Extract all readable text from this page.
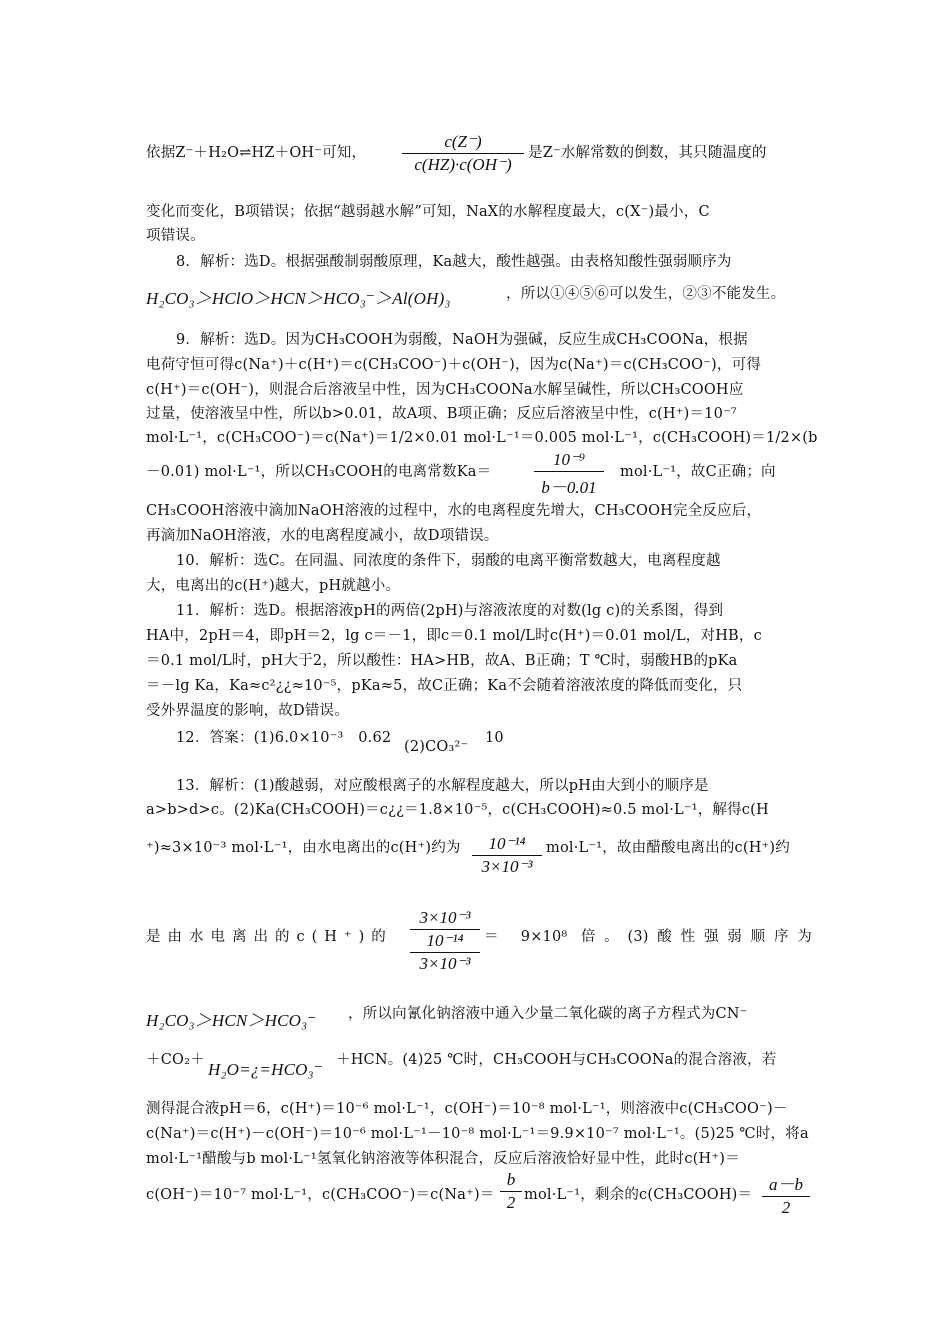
依据Z⁻＋H₂O⇌HZ＋OH⁻可知，
c(Z⁻)
c(HZ)·c(OH⁻)
是Z⁻水解常数的倒数，其只随温度的
变化而变化，B项错误；依据“越弱越水解”可知，NaX的水解程度最大，c(X⁻)最小，C
项错误。
8．解析：选D。根据强酸制弱酸原理，Ka越大，酸性越强。由表格知酸性强弱顺序为
H₂CO₃＞HClO＞HCN＞HCO₃⁻＞Al(OH)₃	，所以①④⑤⑥可以发生，②③不能发生。
9．解析：选D。因为CH₃COOH为弱酸，NaOH为强碱，反应生成CH₃COONa，根据
电荷守恒可得c(Na⁺)＋c(H⁺)＝c(CH₃COO⁻)＋c(OH⁻)，因为c(Na⁺)＝c(CH₃COO⁻)，可得
c(H⁺)＝c(OH⁻)，则混合后溶液呈中性，因为CH₃COONa水解呈碱性，所以CH₃COOH应
过量，使溶液呈中性，所以b>0.01，故A项、B项正确；反应后溶液呈中性，c(H⁺)＝10⁻⁷
mol·L⁻¹，c(CH₃COO⁻)＝c(Na⁺)＝1/2×0.01 mol·L⁻¹＝0.005 mol·L⁻¹，c(CH₃COOH)＝1/2×(b
－0.01) mol·L⁻¹，所以CH₃COOH的电离常数Ka＝
10⁻⁹
b－0.01
mol·L⁻¹，故C正确；向
CH₃COOH溶液中滴加NaOH溶液的过程中，水的电离程度先增大，CH₃COOH完全反应后，
再滴加NaOH溶液，水的电离程度减小，故D项错误。
10．解析：选C。在同温、同浓度的条件下，弱酸的电离平衡常数越大，电离程度越
大，电离出的c(H⁺)越大，pH就越小。
11．解析：选D。根据溶液pH的两倍(2pH)与溶液浓度的对数(lg c)的关系图，得到
HA中，2pH＝4，即pH＝2，lg c＝－1，即c＝0.1 mol/L时c(H⁺)＝0.01 mol/L，对HB，c
＝0.1 mol/L时，pH大于2，所以酸性：HA>HB，故A、B正确；T ℃时，弱酸HB的pKa
＝－lg Ka，Ka≈c²¿¿≈10⁻⁵，pKa≈5，故C正确；Ka不会随着溶液浓度的降低而变化，只
受外界温度的影响，故D错误。
12．答案：(1)6.0×10⁻³　0.62
(2)CO₃²⁻
10
13．解析：(1)酸越弱，对应酸根离子的水解程度越大，所以pH由大到小的顺序是
a>b>d>c。(2)Ka(CH₃COOH)＝c¿¿＝1.8×10⁻⁵，c(CH₃COOH)≈0.5 mol·L⁻¹，解得c(H
⁺)≈3×10⁻³ mol·L⁻¹，由水电离出的c(H⁺)约为	10⁻¹⁴
3×10⁻³
mol·L⁻¹，故由醋酸电离出的c(H⁺)约
是由水电离出的c(H⁺)的
3×10⁻³
10⁻¹⁴
3×10⁻³
＝ 9×10⁸ 倍。(3)酸性强弱顺序为
H₂CO₃＞HCN＞HCO₃⁻ ，所以向氰化钠溶液中通入少量二氧化碳的离子方程式为CN⁻
＋CO₂＋ H₂O=¿=HCO₃⁻ ＋HCN。(4)25 ℃时，CH₃COOH与CH₃COONa的混合溶液，若
测得混合液pH＝6，c(H⁺)＝10⁻⁶ mol·L⁻¹，c(OH⁻)＝10⁻⁸ mol·L⁻¹，则溶液中c(CH₃COO⁻)－
c(Na⁺)＝c(H⁺)－c(OH⁻)＝10⁻⁶ mol·L⁻¹－10⁻⁸ mol·L⁻¹＝9.9×10⁻⁷ mol·L⁻¹。(5)25 ℃时，将a
mol·L⁻¹醋酸与b mol·L⁻¹氢氧化钠溶液等体积混合，反应后溶液恰好显中性，此时c(H⁺)＝
c(OH⁻)＝10⁻⁷ mol·L⁻¹，c(CH₃COO⁻)＝c(Na⁺)＝
b
2 mol·L⁻¹，剩余的c(CH₃COOH)＝
a－b
2
